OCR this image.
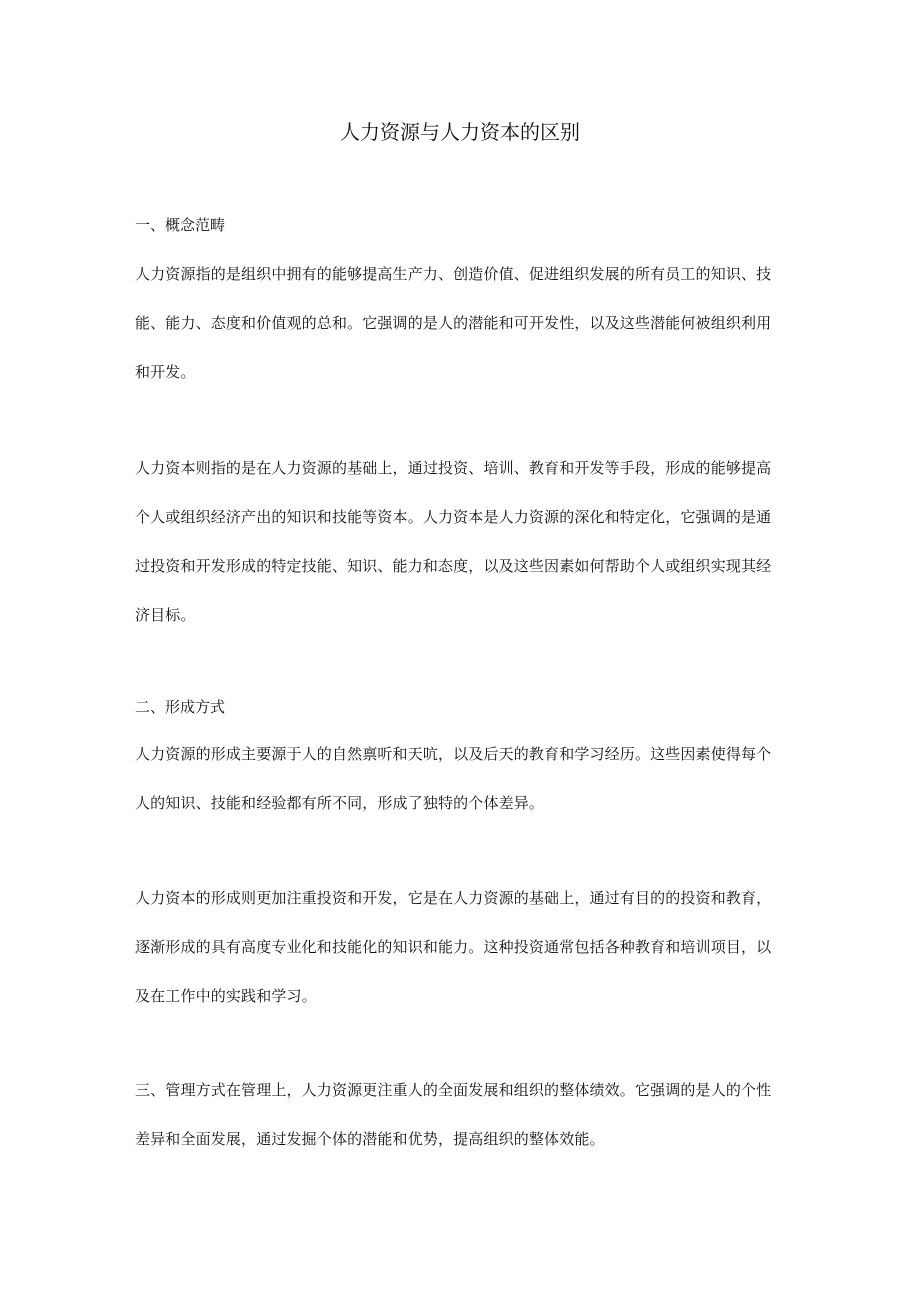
人力资源与人力资本的区别
一、概念范畴
人力资源指的是组织中拥有的能够提高生产力、创造价值、促进组织发展的所有员工的知识、技
能、能力、态度和价值观的总和。它强调的是人的潜能和可开发性，以及这些潜能何被组织利用
和开发。
人力资本则指的是在人力资源的基础上，通过投资、培训、教育和开发等手段，形成的能够提高
个人或组织经济产出的知识和技能等资本。人力资本是人力资源的深化和特定化，它强调的是通
过投资和开发形成的特定技能、知识、能力和态度，以及这些因素如何帮助个人或组织实现其经
济目标。
二、形成方式
人力资源的形成主要源于人的自然禀听和天吭，以及后天的教育和学习经历。这些因素使得每个
人的知识、技能和经验都有所不同，形成了独特的个体差异。
人力资本的形成则更加注重投资和开发，它是在人力资源的基础上，通过有目的的投资和教育，
逐渐形成的具有高度专业化和技能化的知识和能力。这种投资通常包括各种教育和培训项目，以
及在工作中的实践和学习。
三、管理方式在管理上，人力资源更注重人的全面发展和组织的整体绩效。它强调的是人的个性
差异和全面发展，通过发掘个体的潜能和优势，提高组织的整体效能。
